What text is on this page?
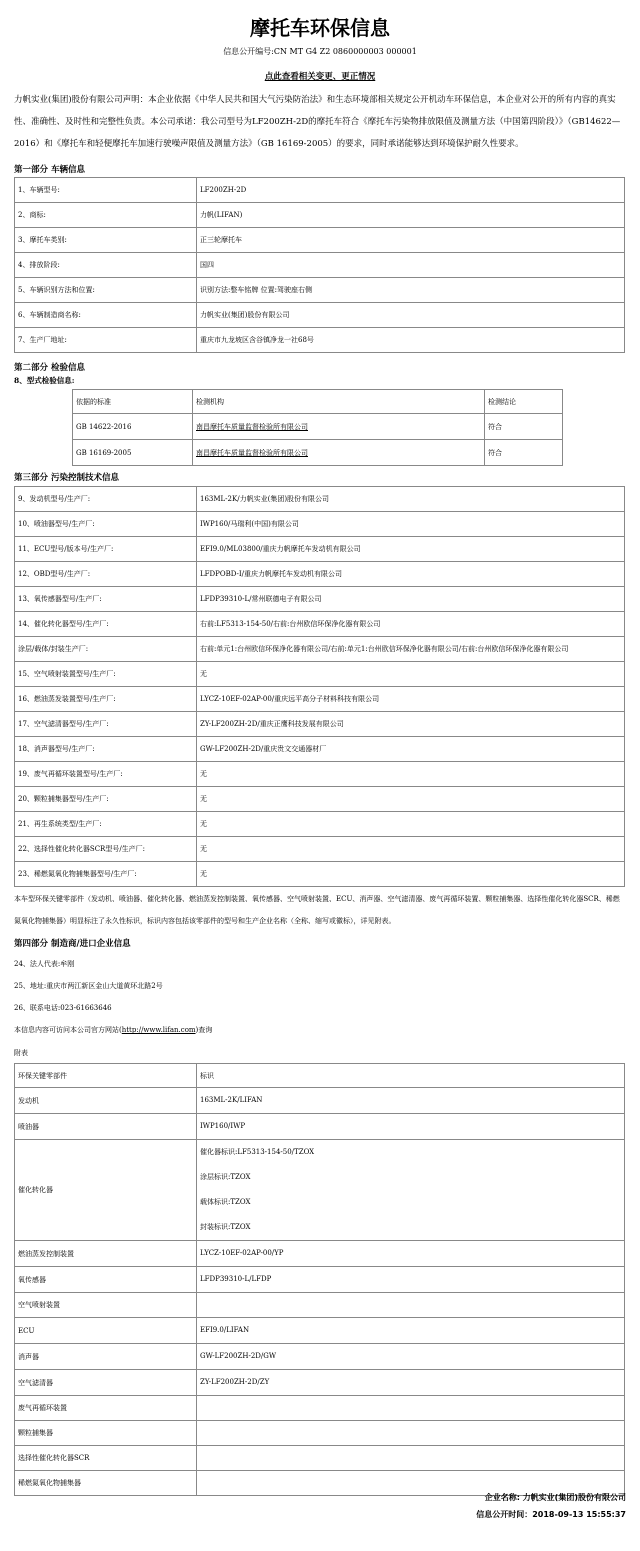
摩托车环保信息
信息公开编号:CN MT G4 Z2 0860000003 000001
点此查看相关变更、更正情况
力帆实业(集团)股份有限公司声明：本企业依据《中华人民共和国大气污染防治法》和生态环境部相关规定公开机动车环保信息，本企业对公开的所有内容的真实性、准确性、及时性和完整性负责。本公司承诺：我公司型号为LF200ZH-2D的摩托车符合《摩托车污染物排放限值及测量方法（中国第四阶段）》（GB14622—2016）和《摩托车和轻便摩托车加速行驶噪声限值及测量方法》（GB 16169-2005）的要求，同时承诺能够达到环境保护耐久性要求。
第一部分 车辆信息
1、车辆型号:	LF200ZH-2D
2、商标:	力帆(LIFAN)
3、摩托车类别:	正三轮摩托车
4、排放阶段:	国四
5、车辆识别方法和位置:	识别方法:整车铭牌 位置:驾驶座右侧
6、车辆制造商名称:	力帆实业(集团)股份有限公司
7、生产厂地址:	重庆市九龙坡区含谷镇净龙一社68号
第二部分 检验信息
8、型式检验信息:
依据的标准	检测机构	检测结论
GB 14622-2016	南昌摩托车质量监督检验所有限公司	符合
GB 16169-2005	南昌摩托车质量监督检验所有限公司	符合
第三部分 污染控制技术信息
9、发动机型号/生产厂:	163ML-2K/力帆实业(集团)股份有限公司
10、喷油器型号/生产厂:	IWP160/马瑞利(中国)有限公司
11、ECU型号/版本号/生产厂:	EFI9.0/ML03800/重庆力帆摩托车发动机有限公司
12、OBD型号/生产厂:	LFDPOBD-I/重庆力帆摩托车发动机有限公司
13、氧传感器型号/生产厂:	LFDP39310-L/常州联德电子有限公司
14、催化转化器型号/生产厂:	右前:LF5313-154-50/右前:台州欧信环保净化器有限公司
涂层/载体/封装生产厂:	右前:单元1:台州欧信环保净化器有限公司/右前:单元1:台州欧信环保净化器有限公司/右前:台州欧信环保净化器有限公司
15、空气喷射装置型号/生产厂:	无
16、燃油蒸发装置型号/生产厂:	LYCZ-10EF-02AP-00/重庆远平高分子材料科技有限公司
17、空气滤清器型号/生产厂:	ZY-LF200ZH-2D/重庆正鹰科技发展有限公司
18、消声器型号/生产厂:	GW-LF200ZH-2D/重庆贵文交通器材厂
19、废气再循环装置型号/生产厂:	无
20、颗粒捕集器型号/生产厂:	无
21、再生系统类型/生产厂:	无
22、选择性催化转化器SCR型号/生产厂:	无
23、稀燃氮氧化物捕集器型号/生产厂:	无
本车型环保关键零部件（发动机、喷油器、催化转化器、燃油蒸发控制装置、氧传感器、空气喷射装置、ECU、消声器、空气滤清器、废气再循环装置、颗粒捕集器、选择性催化转化器SCR、稀燃氮氧化物捕集器）明显标注了永久性标识，标识内容包括该零部件的型号和生产企业名称（全称、缩写或徽标），详见附表。
第四部分 制造商/进口企业信息
24、法人代表:牟刚
25、地址:重庆市两江新区金山大道黄环北路2号
26、联系电话:023-61663646
本信息内容可访问本公司官方网站(http://www.lifan.com)查询
附表
环保关键零部件	标识
发动机	163ML-2K/LIFAN

喷油器	IWP160/IWP

催化转化器	催化器标识:LF5313-154-50/TZOX
涂层标识:TZOX
载体标识:TZOX
封装标识:TZOX

燃油蒸发控制装置	LYCZ-10EF-02AP-00/YP

氧传感器	LFDP39310-L/LFDP

空气喷射装置	

ECU	EFI9.0/LIFAN

消声器	GW-LF200ZH-2D/GW

空气滤清器	ZY-LF200ZH-2D/ZY

废气再循环装置	

颗粒捕集器	

选择性催化转化器SCR	

稀燃氮氧化物捕集器	
企业名称: 力帆实业(集团)股份有限公司
信息公开时间：2018-09-13 15:55:37
